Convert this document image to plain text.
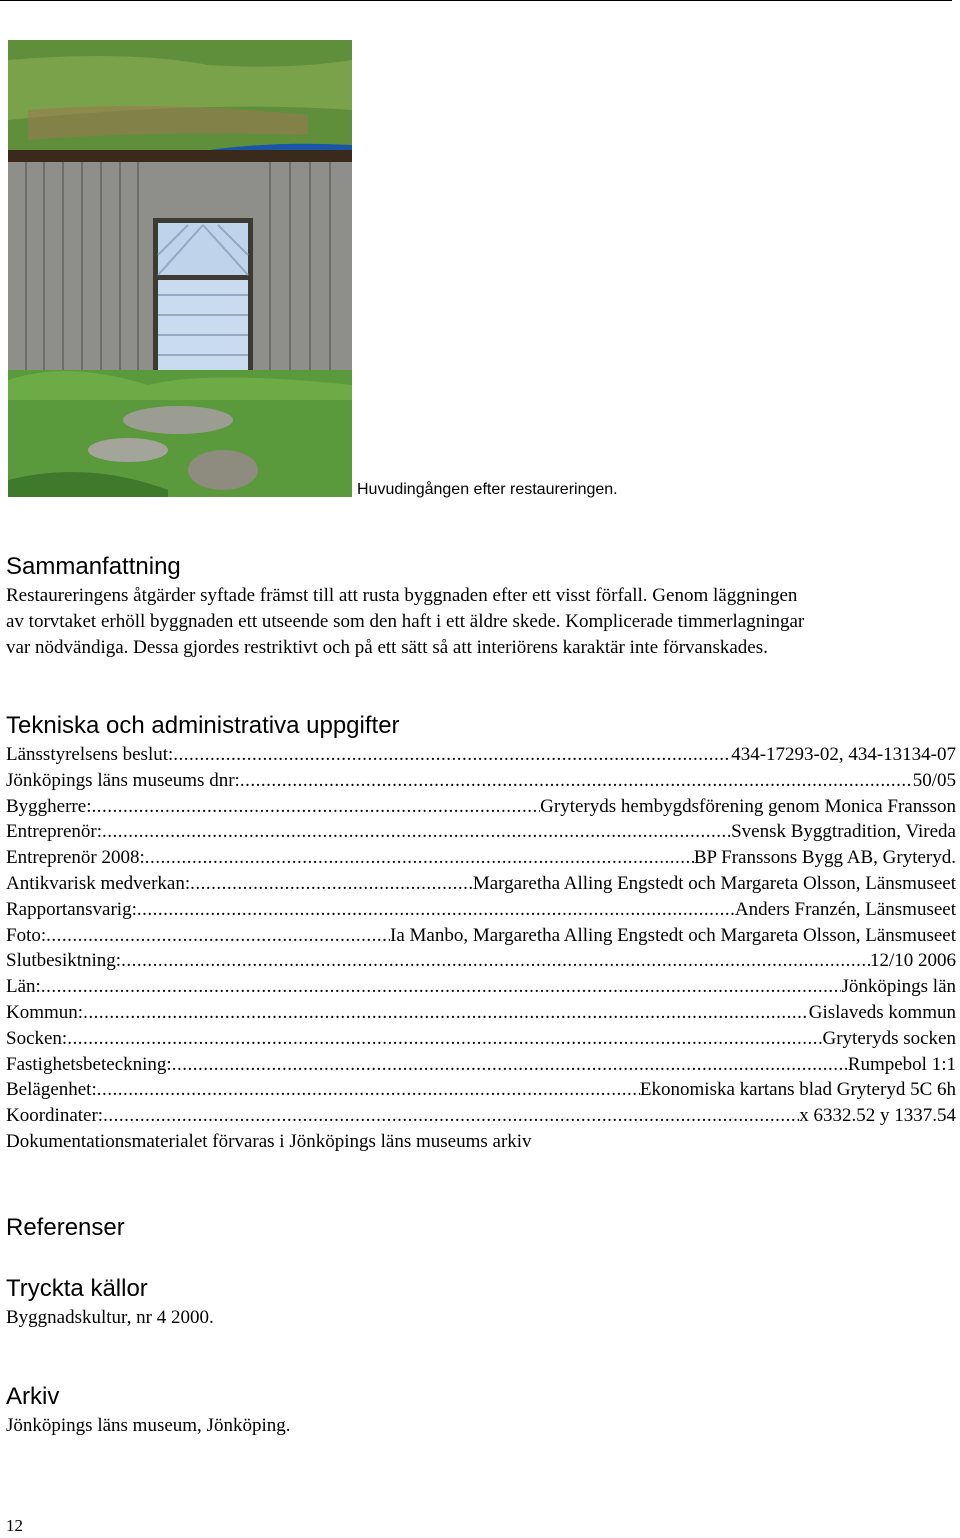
Huvudingången efter restaureringen.
Sammanfattning

Restaureringens åtgärder syftade främst till att rusta byggnaden efter ett visst förfall. Genom läggningen

av torvtaket erhöll byggnaden ett utseende som den haft i ett äldre skede. Komplicerade timmerlagningar

var nödvändiga. Dessa gjordes restriktivt och på ett sätt så att interiörens karaktär inte förvanskades.

Tekniska och administrativa uppgifter
Länsstyrelsens beslut: .....	434-17293-02, 434-13134-07
Jönköpings läns museums dnr: .....	50/05
Byggherre: .....	Gryteryds hembygdsförening genom Monica Fransson
Entreprenör: .....	Svensk Byggtradition, Vireda
Entreprenör 2008: .....	BP Franssons Bygg AB, Gryteryd.
Antikvarisk medverkan: .....	Margaretha Alling Engstedt och Margareta Olsson, Länsmuseet
Rapportansvarig: .....	Anders Franzén, Länsmuseet
Foto: .....	Ia Manbo, Margaretha Alling Engstedt och Margareta Olsson, Länsmuseet
Slutbesiktning: .....	12/10 2006
Län: .....	Jönköpings län
Kommun: .....	Gislaveds kommun
Socken: .....	Gryteryds socken
Fastighetsbeteckning: .....	Rumpebol 1:1
Belägenhet: .....	Ekonomiska kartans blad Gryteryd 5C 6h
Koordinater: .....	x 6332.52 y 1337.54
Dokumentationsmaterialet förvaras i Jönköpings läns museums arkiv
Referenser
Tryckta källor
Byggnadskultur, nr 4 2000.
Arkiv
Jönköpings läns museum, Jönköping.
12
